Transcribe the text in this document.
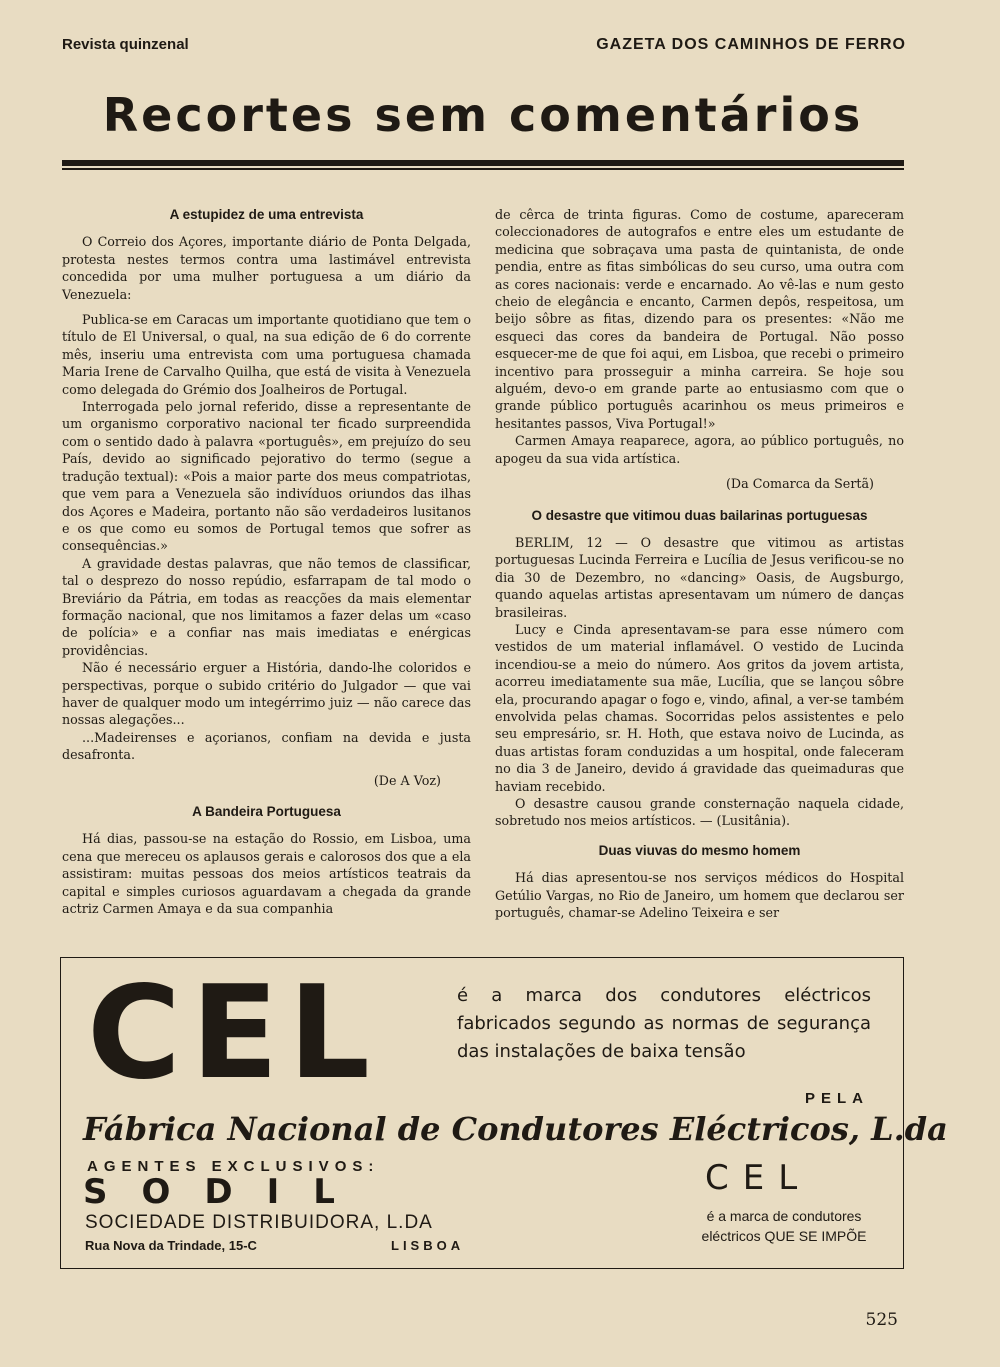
Revista quinzenal	GAZETA DOS CAMINHOS DE FERRO
Recortes sem comentários
A estupidez de uma entrevista

O Correio dos Açores, importante diário de Ponta Delgada, protesta nestes termos contra uma lastimável entrevista concedida por uma mulher portuguesa a um diário da Venezuela:

Publica-se em Caracas um importante quotidiano que tem o título de El Universal, o qual, na sua edição de 6 do corrente mês, inseriu uma entrevista com uma portuguesa chamada Maria Irene de Carvalho Quilha, que está de visita à Venezuela como delegada do Grémio dos Joalheiros de Portugal.

Interrogada pelo jornal referido, disse a representante de um organismo corporativo nacional ter ficado surpreendida com o sentido dado à palavra «português», em prejuízo do seu País, devido ao significado pejorativo do termo (segue a tradução textual): «Pois a maior parte dos meus compatriotas, que vem para a Venezuela são indivíduos oriundos das ilhas dos Açores e Madeira, portanto não são verdadeiros lusitanos e os que como eu somos de Portugal temos que sofrer as consequências.»

A gravidade destas palavras, que não temos de classificar, tal o desprezo do nosso repúdio, esfarrapam de tal modo o Breviário da Pátria, em todas as reacções da mais elementar formação nacional, que nos limitamos a fazer delas um «caso de polícia» e a confiar nas mais imediatas e enérgicas providências.

Não é necessário erguer a História, dando-lhe coloridos e perspectivas, porque o subido critério do Julgador — que vai haver de qualquer modo um integérrimo juiz — não carece das nossas alegações...

...Madeirenses e açorianos, confiam na devida e justa desafronta.

(De A Voz)

A Bandeira Portuguesa

Há dias, passou-se na estação do Rossio, em Lisboa, uma cena que mereceu os aplausos gerais e calorosos dos que a ela assistiram: muitas pessoas dos meios artísticos teatrais da capital e simples curiosos aguardavam a chegada da grande actriz Carmen Amaya e da sua companhia

de cêrca de trinta figuras. Como de costume, apareceram coleccionadores de autografos e entre eles um estudante de medicina que sobraçava uma pasta de quintanista, de onde pendia, entre as fitas simbólicas do seu curso, uma outra com as cores nacionais: verde e encarnado. Ao vê-las e num gesto cheio de elegância e encanto, Carmen depôs, respeitosa, um beijo sôbre as fitas, dizendo para os presentes: «Não me esqueci das cores da bandeira de Portugal. Não posso esquecer-me de que foi aqui, em Lisboa, que recebi o primeiro incentivo para prosseguir a minha carreira. Se hoje sou alguém, devo-o em grande parte ao entusiasmo com que o grande público português acarinhou os meus primeiros e hesitantes passos, Viva Portugal!»

Carmen Amaya reaparece, agora, ao público português, no apogeu da sua vida artística.

(Da Comarca da Sertã)

O desastre que vitimou duas bailarinas portuguesas

BERLIM, 12 — O desastre que vitimou as artistas portuguesas Lucinda Ferreira e Lucília de Jesus verificou-se no dia 30 de Dezembro, no «dancing» Oasis, de Augsburgo, quando aquelas artistas apresentavam um número de danças brasileiras.

Lucy e Cinda apresentavam-se para esse número com vestidos de um material inflamável. O vestido de Lucinda incendiou-se a meio do número. Aos gritos da jovem artista, acorreu imediatamente sua mãe, Lucília, que se lançou sôbre ela, procurando apagar o fogo e, vindo, afinal, a ver-se também envolvida pelas chamas. Socorridas pelos assistentes e pelo seu empresário, sr. H. Hoth, que estava noivo de Lucinda, as duas artistas foram conduzidas a um hospital, onde faleceram no dia 3 de Janeiro, devido á gravidade das queimaduras que haviam recebido.

O desastre causou grande consternação naquela cidade, sobretudo nos meios artísticos. — (Lusitânia).

Duas viuvas do mesmo homem

Há dias apresentou-se nos serviços médicos do Hospital Getúlio Vargas, no Rio de Janeiro, um homem que declarou ser português, chamar-se Adelino Teixeira e ser

CEL	é a marca dos condutores eléctricos fabricados segundo as normas de segurança das instalações de baixa tensão
PELA
Fábrica Nacional de Condutores Eléctricos, L.da
AGENTES EXCLUSIVOS:
SODIL
SOCIEDADE DISTRIBUIDORA, L.DA
Rua Nova da Trindade, 15-C	LISBOA
CEL
é a marca de condutores eléctricos QUE SE IMPÕE
525
